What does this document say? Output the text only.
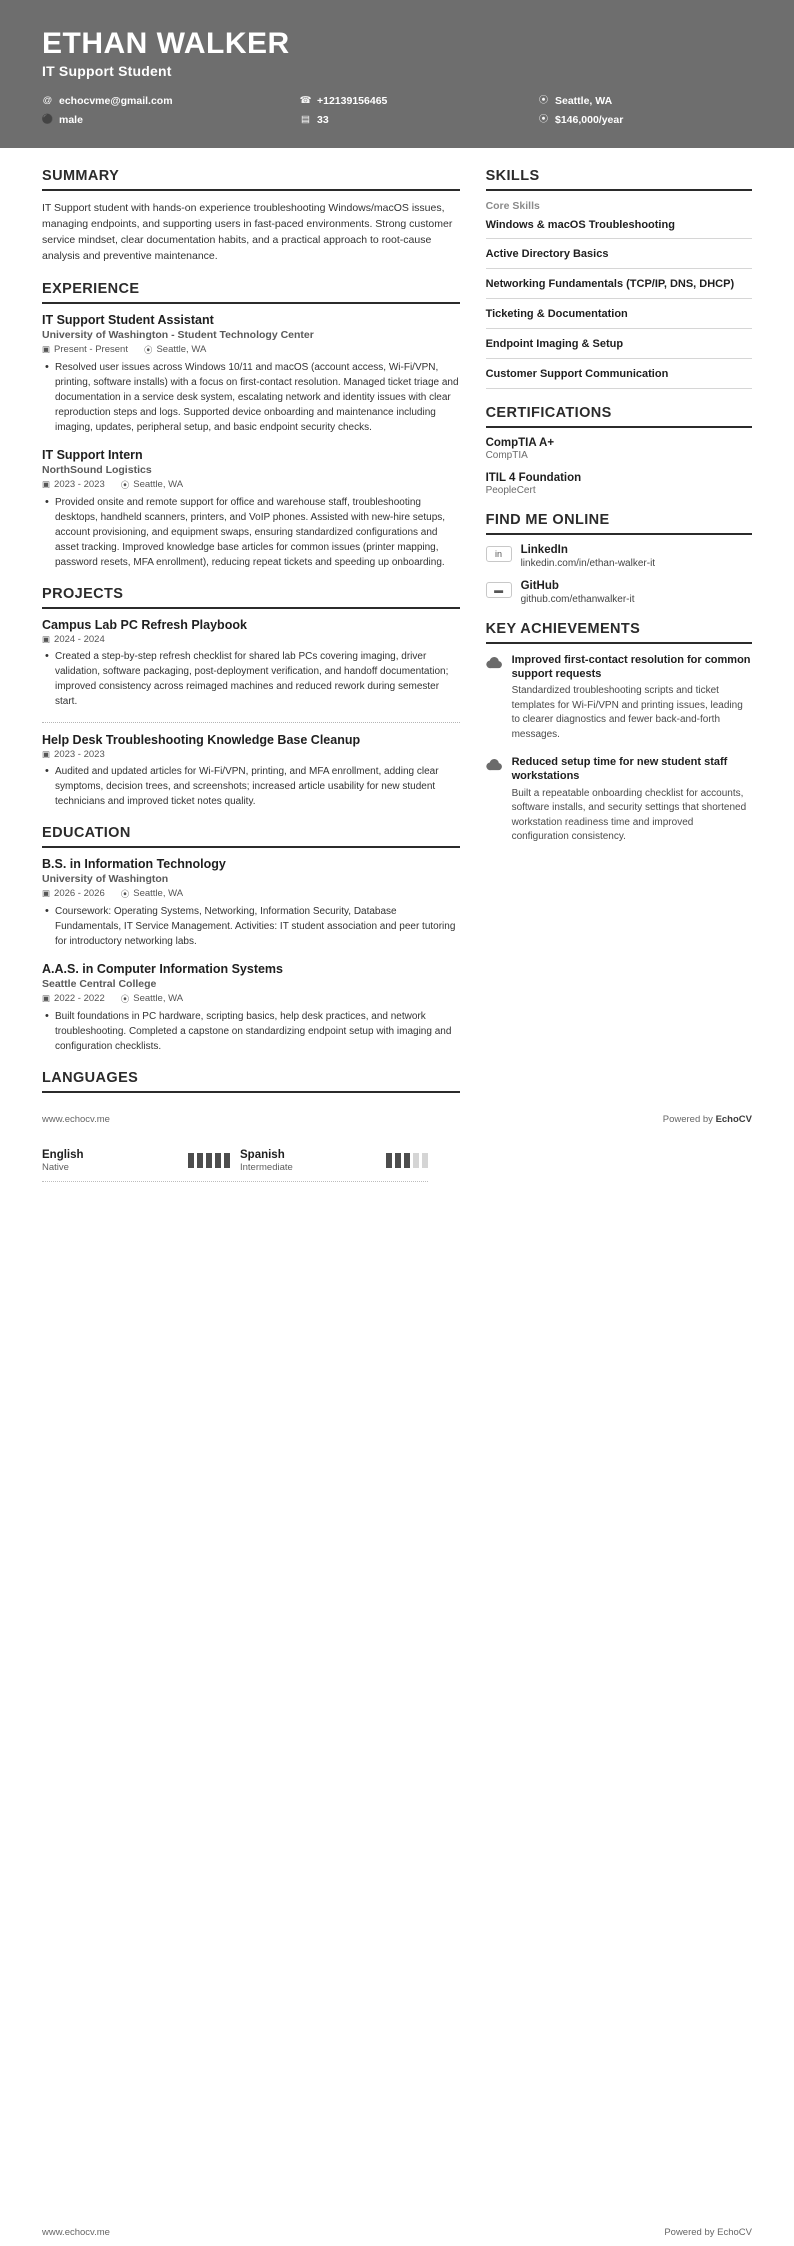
ETHAN WALKER
IT Support Student
@ echocvme@gmail.com	☎ +12139156465	⦿ Seattle, WA
⚫ male	▤ 33	⦿ $146,000/year
SUMMARY
IT Support student with hands-on experience troubleshooting Windows/macOS issues, managing endpoints, and supporting users in fast-paced environments. Strong customer service mindset, clear documentation habits, and a practical approach to root-cause analysis and preventive maintenance.
EXPERIENCE
IT Support Student Assistant
University of Washington - Student Technology Center
▣ Present - Present ⦿ Seattle, WA
• Resolved user issues across Windows 10/11 and macOS (account access, Wi-Fi/VPN, printing, software installs) with a focus on first-contact resolution. Managed ticket triage and documentation in a service desk system, escalating network and identity issues with clear reproduction steps and logs. Supported device onboarding and maintenance including imaging, updates, peripheral setup, and basic endpoint security checks.
IT Support Intern
NorthSound Logistics
▣ 2023 - 2023 ⦿ Seattle, WA
• Provided onsite and remote support for office and warehouse staff, troubleshooting desktops, handheld scanners, printers, and VoIP phones. Assisted with new-hire setups, account provisioning, and equipment swaps, ensuring standardized configurations and asset tracking. Improved knowledge base articles for common issues (printer mapping, password resets, MFA enrollment), reducing repeat tickets and speeding up onboarding.
PROJECTS
Campus Lab PC Refresh Playbook
▣ 2024 - 2024
• Created a step-by-step refresh checklist for shared lab PCs covering imaging, driver validation, software packaging, post-deployment verification, and handoff documentation; improved consistency across reimaged machines and reduced rework during semester start.
Help Desk Troubleshooting Knowledge Base Cleanup
▣ 2023 - 2023
• Audited and updated articles for Wi-Fi/VPN, printing, and MFA enrollment, adding clear symptoms, decision trees, and screenshots; increased article usability for new student technicians and improved ticket notes quality.
EDUCATION
B.S. in Information Technology
University of Washington
▣ 2026 - 2026 ⦿ Seattle, WA
• Coursework: Operating Systems, Networking, Information Security, Database Fundamentals, IT Service Management. Activities: IT student association and peer tutoring for introductory networking labs.
A.A.S. in Computer Information Systems
Seattle Central College
▣ 2022 - 2022 ⦿ Seattle, WA
• Built foundations in PC hardware, scripting basics, help desk practices, and network troubleshooting. Completed a capstone on standardizing endpoint setup with imaging and configuration checklists.
LANGUAGES
SKILLS
Core Skills
Windows & macOS Troubleshooting
Active Directory Basics
Networking Fundamentals (TCP/IP, DNS, DHCP)
Ticketing & Documentation
Endpoint Imaging & Setup
Customer Support Communication
CERTIFICATIONS
CompTIA A+
CompTIA
ITIL 4 Foundation
PeopleCert
FIND ME ONLINE
in	LinkedIn
linkedin.com/in/ethan-walker-it
▬	GitHub
github.com/ethanwalker-it
KEY ACHIEVEMENTS
Improved first-contact resolution for common support requests
Standardized troubleshooting scripts and ticket templates for Wi-Fi/VPN and printing issues, leading to clearer diagnostics and fewer back-and-forth messages.
Reduced setup time for new student staff workstations
Built a repeatable onboarding checklist for accounts, software installs, and security settings that shortened workstation readiness time and improved configuration consistency.
www.echocv.me	Powered by EchoCV
English
Native
Spanish
Intermediate
www.echocv.me	Powered by EchoCV
